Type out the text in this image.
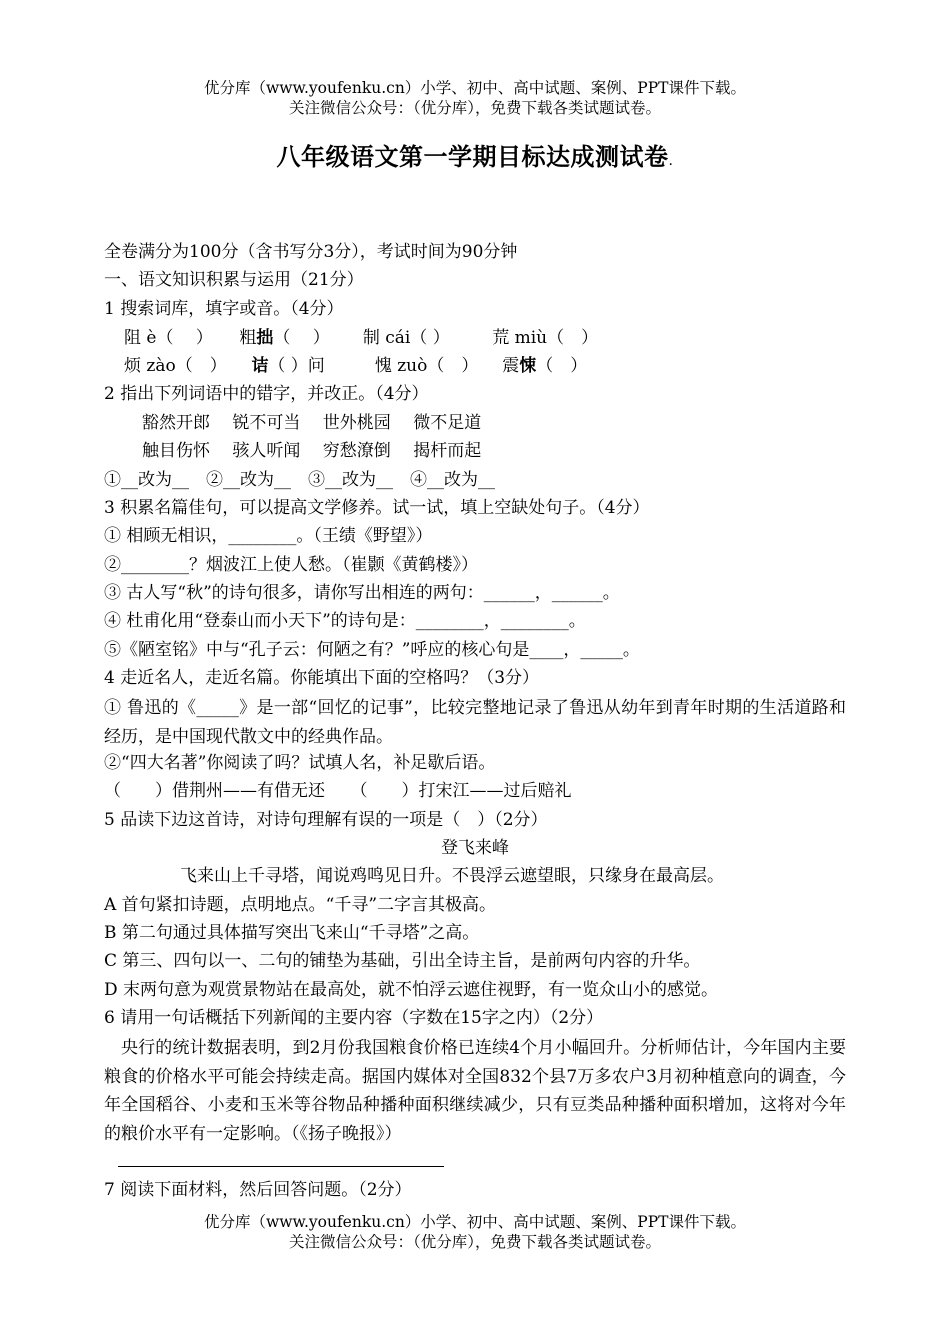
优分库（www.youfenku.cn）小学、初中、高中试题、案例、PPT课件下载。
关注微信公众号：（优分库），免费下载各类试题试卷。
八年级语文第一学期目标达成测试卷.
全卷满分为100分（含书写分3分），考试时间为90分钟
一、语文知识积累与运用（21分）
1 搜索词库，填字或音。（4分）
阻 è（　 ） 粗拙（　 ） 制 cái（ ）	荒 miù（　）
烦 zào（　） 诘（ ）问	愧 zuò（　） 震悚（　）
2 指出下列词语中的错字，并改正。（4分）
豁然开郎　 锐不可当　 世外桃园　 微不足道
触目伤怀　 骇人听闻　 穷愁潦倒　 揭杆而起
①__改为__　②__改为__　③__改为__　④__改为__
3 积累名篇佳句，可以提高文学修养。试一试，填上空缺处句子。（4分）
① 相顾无相识，________。（王绩《野望》）
②________？烟波江上使人愁。（崔颢《黄鹤楼》）
③ 古人写“秋”的诗句很多，请你写出相连的两句：______，______。
④ 杜甫化用“登泰山而小天下”的诗句是：________，________。
⑤《陋室铭》中与“孔子云：何陋之有？”呼应的核心句是____，_____。
4 走近名人，走近名篇。你能填出下面的空格吗？（3分）
① 鲁迅的《_____》是一部“回忆的记事”，比较完整地记录了鲁迅从幼年到青年时期的生活道路和经历，是中国现代散文中的经典作品。
②“四大名著”你阅读了吗？试填人名，补足歇后语。
（　　）借荆州——有借无还　　（　　）打宋江——过后赔礼
5 品读下边这首诗，对诗句理解有误的一项是（　）（2分）
登飞来峰
飞来山上千寻塔，闻说鸡鸣见日升。不畏浮云遮望眼，只缘身在最高层。
A 首句紧扣诗题，点明地点。“千寻”二字言其极高。
B 第二句通过具体描写突出飞来山“千寻塔”之高。
C 第三、四句以一、二句的铺垫为基础，引出全诗主旨，是前两句内容的升华。
D 末两句意为观赏景物站在最高处，就不怕浮云遮住视野，有一览众山小的感觉。
6 请用一句话概括下列新闻的主要内容（字数在15字之内）（2分）
央行的统计数据表明，到2月份我国粮食价格已连续4个月小幅回升。分析师估计，今年国内主要粮食的价格水平可能会持续走高。据国内媒体对全国832个县7万多农户3月初种植意向的调查，今年全国稻谷、小麦和玉米等谷物品种播种面积继续减少，只有豆类品种播种面积增加，这将对今年的粮价水平有一定影响。（《扬子晚报》）
7 阅读下面材料，然后回答问题。（2分）
优分库（www.youfenku.cn）小学、初中、高中试题、案例、PPT课件下载。
关注微信公众号：（优分库），免费下载各类试题试卷。
